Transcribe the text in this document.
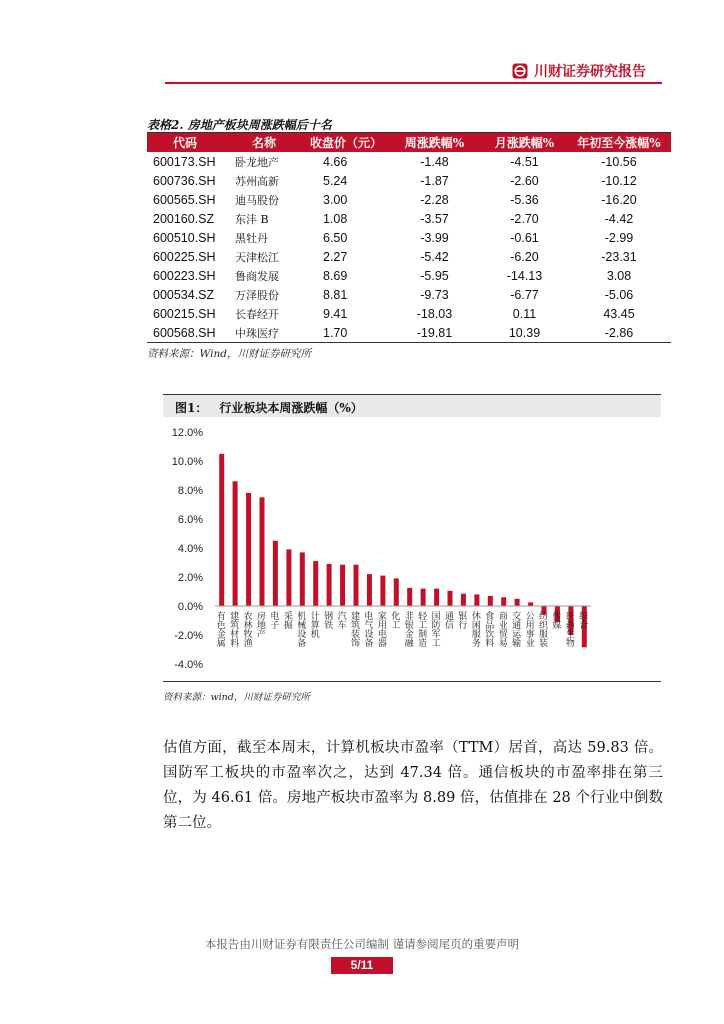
川财证券研究报告
表格2. 房地产板块周涨跌幅后十名
代码	名称	收盘价（元）	周涨跌幅%	月涨跌幅%	年初至今涨幅%
600173.SH	卧龙地产	4.66	-1.48	-4.51	-10.56
600736.SH	苏州高新	5.24	-1.87	-2.60	-10.12
600565.SH	迪马股份	3.00	-2.28	-5.36	-16.20
200160.SZ	东沣 B	1.08	-3.57	-2.70	-4.42
600510.SH	黑牡丹	6.50	-3.99	-0.61	-2.99
600225.SH	天津松江	2.27	-5.42	-6.20	-23.31
600223.SH	鲁商发展	8.69	-5.95	-14.13	3.08
000534.SZ	万泽股份	8.81	-9.73	-6.77	-5.06
600215.SH	长春经开	9.41	-18.03	0.11	43.45
600568.SH	中珠医疗	1.70	-19.81	10.39	-2.86
资料来源：Wind，川财证券研究所
图1： 行业板块本周涨跌幅（%）
12.0%
10.0%
8.0%
6.0%
4.0%
2.0%
0.0%
-2.0%
-4.0%
有色金属 建筑材料 农林牧渔 房地产 电子 采掘 机械设备 计算机 钢铁 汽车 建筑装饰 电气设备 家用电器 化工 非银金融 轻工制造 国防军工 通信 银行 休闲服务 食品饮料 商业贸易 交通运输 公用事业 纺织服装 传媒 医药生物 综合
资料来源：wind，川财证券研究所
估值方面，截至本周末，计算机板块市盈率（TTM）居首，高达 59.83 倍。国防军工板块的市盈率次之，达到 47.34 倍。通信板块的市盈率排在第三位，为 46.61 倍。房地产板块市盈率为 8.89 倍，估值排在 28 个行业中倒数第二位。
本报告由川财证券有限责任公司编制 谨请参阅尾页的重要声明
5/11
